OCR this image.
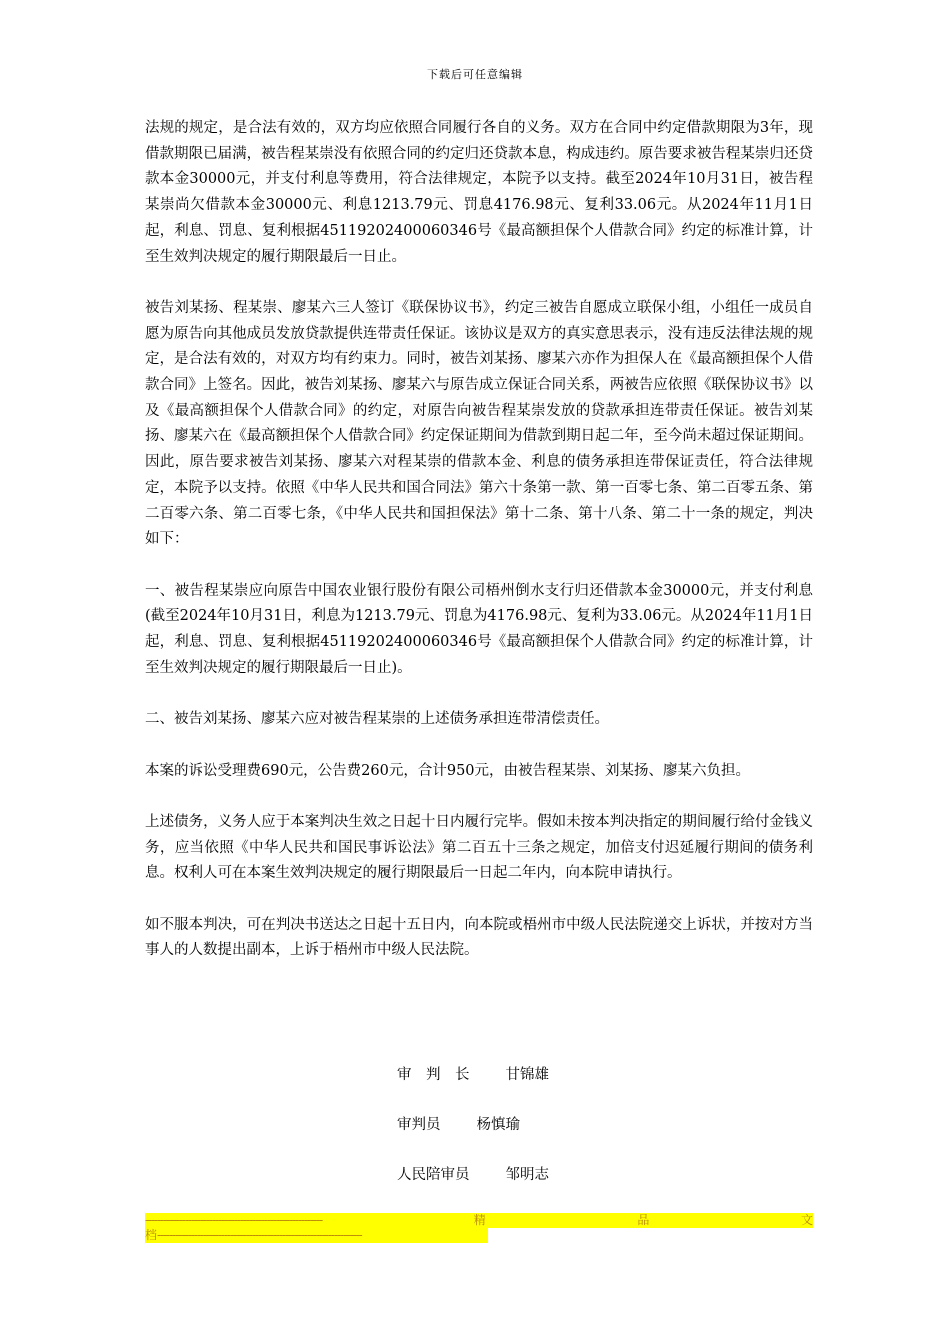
下载后可任意编辑

法规的规定，是合法有效的，双方均应依照合同履行各自的义务。双方在合同中约定借款期限为3年，现借款期限已届满，被告程某崇没有依照合同的约定归还贷款本息，构成违约。原告要求被告程某崇归还贷款本金30000元，并支付利息等费用，符合法律规定，本院予以支持。截至2024年10月31日，被告程某崇尚欠借款本金30000元、利息1213.79元、罚息4176.98元、复利33.06元。从2024年11月1日起，利息、罚息、复利根据45119202400060346号《最高额担保个人借款合同》约定的标准计算，计至生效判决规定的履行期限最后一日止。

被告刘某扬、程某崇、廖某六三人签订《联保协议书》，约定三被告自愿成立联保小组，小组任一成员自愿为原告向其他成员发放贷款提供连带责任保证。该协议是双方的真实意思表示，没有违反法律法规的规定，是合法有效的，对双方均有约束力。同时，被告刘某扬、廖某六亦作为担保人在《最高额担保个人借款合同》上签名。因此，被告刘某扬、廖某六与原告成立保证合同关系，两被告应依照《联保协议书》以及《最高额担保个人借款合同》的约定，对原告向被告程某崇发放的贷款承担连带责任保证。被告刘某扬、廖某六在《最高额担保个人借款合同》约定保证期间为借款到期日起二年，至今尚未超过保证期间。因此，原告要求被告刘某扬、廖某六对程某崇的借款本金、利息的债务承担连带保证责任，符合法律规定，本院予以支持。依照《中华人民共和国合同法》第六十条第一款、第一百零七条、第二百零五条、第二百零六条、第二百零七条，《中华人民共和国担保法》第十二条、第十八条、第二十一条的规定，判决如下：

一、被告程某崇应向原告中国农业银行股份有限公司梧州倒水支行归还借款本金30000元，并支付利息(截至2024年10月31日，利息为1213.79元、罚息为4176.98元、复利为33.06元。从2024年11月1日起，利息、罚息、复利根据45119202400060346号《最高额担保个人借款合同》约定的标准计算，计至生效判决规定的履行期限最后一日止)。

二、被告刘某扬、廖某六应对被告程某崇的上述债务承担连带清偿责任。

本案的诉讼受理费690元，公告费260元，合计950元，由被告程某崇、刘某扬、廖某六负担。

上述债务，义务人应于本案判决生效之日起十日内履行完毕。假如未按本判决指定的期间履行给付金钱义务，应当依照《中华人民共和国民事诉讼法》第二百五十三条之规定，加倍支付迟延履行期间的债务利息。权利人可在本案生效判决规定的履行期限最后一日起二年内，向本院申请执行。

如不服本判决，可在判决书送达之日起十五日内，向本院或梧州市中级人民法院递交上诉状，并按对方当事人的人数提出副本，上诉于梧州市中级人民法院。

审　判　长 甘锦雄
审判员 杨慎瑜
人民陪审员 邹明志
----------------------------------------------------------	精	品	文
档-------------------------------------------------------------------
